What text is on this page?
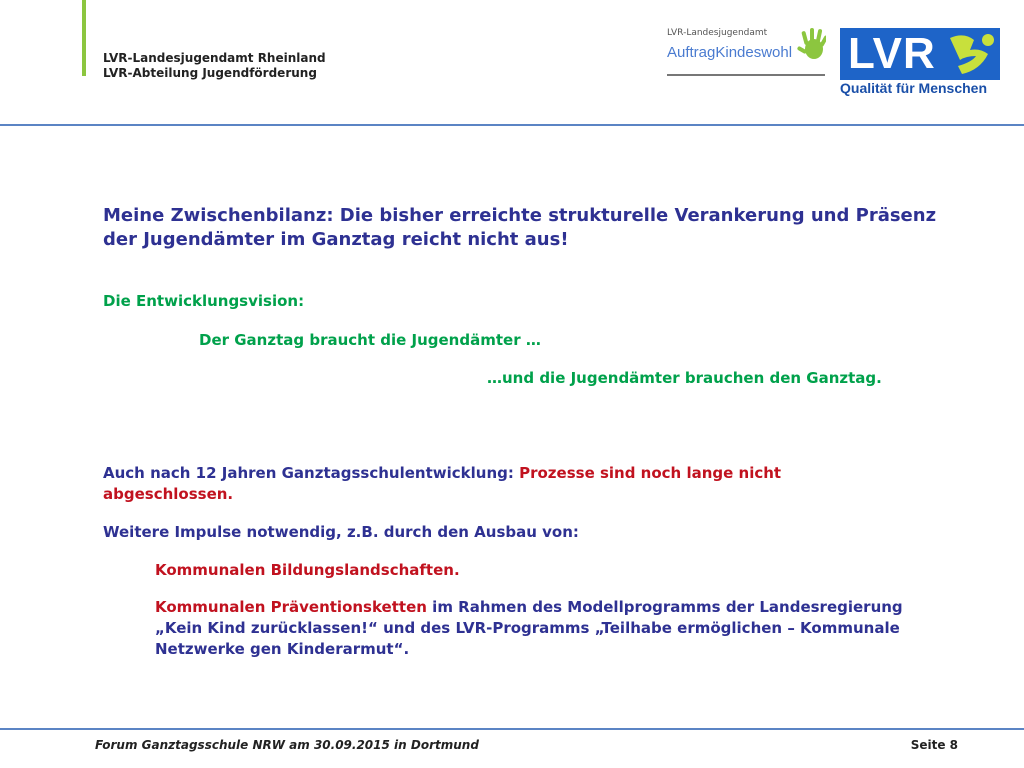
LVR-Landesjugendamt Rheinland
LVR-Abteilung Jugendförderung
LVR-Landesjugendamt
AuftragKindeswohl LVR
Qualität für Menschen
Meine Zwischenbilanz: Die bisher erreichte strukturelle Verankerung und Präsenz der Jugendämter im Ganztag reicht nicht aus!
Die Entwicklungsvision:
Der Ganztag braucht die Jugendämter …
…und die Jugendämter brauchen den Ganztag.
Auch nach 12 Jahren Ganztagsschulentwicklung: Prozesse sind noch lange nicht abgeschlossen.
Weitere Impulse notwendig, z.B. durch den Ausbau von:
Kommunalen Bildungslandschaften.
Kommunalen Präventionsketten im Rahmen des Modellprogramms der Landesregierung „Kein Kind zurücklassen!“ und des LVR-Programms „Teilhabe ermöglichen – Kommunale Netzwerke gen Kinderarmut“.
Forum Ganztagsschule NRW am 30.09.2015 in Dortmund	Seite 8
